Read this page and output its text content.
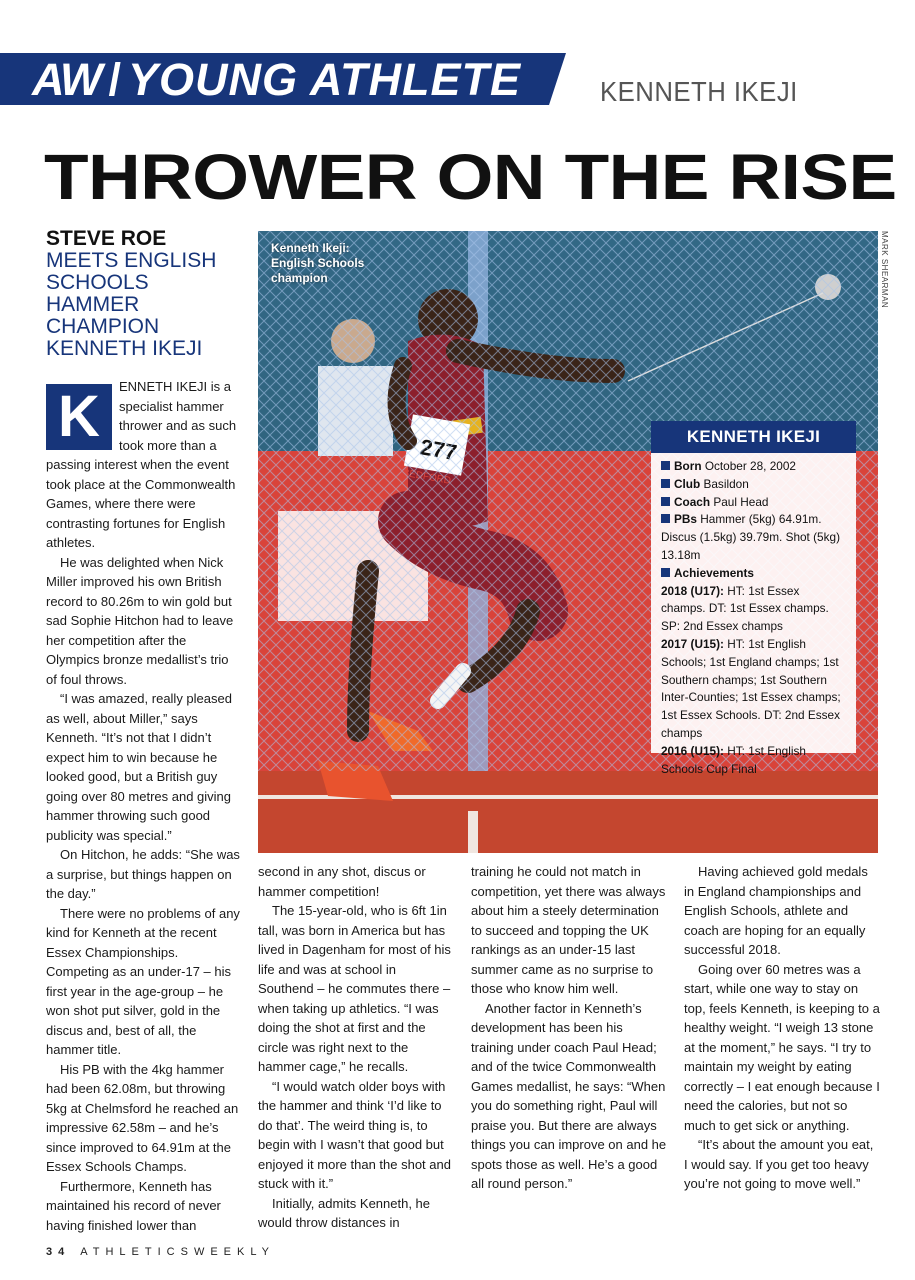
AW / YOUNG ATHLETE	KENNETH IKEJI
THROWER ON THE RISE
STEVE ROE
MEETS ENGLISH SCHOOLS HAMMER CHAMPION KENNETH IKEJI
K	ENNETH IKEJI is a specialist hammer thrower and as such took more than a passing interest when the event took place at the Commonwealth Games, where there were contrasting fortunes for English athletes.

He was delighted when Nick Miller improved his own British record to 80.26m to win gold but sad Sophie Hitchon had to leave her competition after the Olympics bronze medallist’s trio of foul throws.

“I was amazed, really pleased as well, about Miller,” says Kenneth. “It’s not that I didn’t expect him to win because he looked good, but a British guy going over 80 metres and giving hammer throwing such good publicity was special.”

On Hitchon, he adds: “She was a surprise, but things happen on the day.”

There were no problems of any kind for Kenneth at the recent Essex Championships. Competing as an under-17 – his first year in the age-group – he won shot put silver, gold in the discus and, best of all, the hammer title.

His PB with the 4kg hammer had been 62.08m, but throwing 5kg at Chelmsford he reached an impressive 62.58m – and he’s since improved to 64.91m at the Essex Schools Champs.

Furthermore, Kenneth has maintained his record of never having finished lower than

Kenneth Ikeji: English Schools champion	MARK SHEARMAN
KENNETH IKEJI
Born October 28, 2002
Club Basildon
Coach Paul Head
PBs Hammer (5kg) 64.91m. Discus (1.5kg) 39.79m. Shot (5kg) 13.18m
Achievements
2018 (U17): HT: 1st Essex champs. DT: 1st Essex champs. SP: 2nd Essex champs
2017 (U15): HT: 1st English Schools; 1st England champs; 1st Southern champs; 1st Southern Inter-Counties; 1st Essex champs; 1st Essex Schools. DT: 2nd Essex champs
2016 (U15): HT: 1st English Schools Cup Final

second in any shot, discus or hammer competition!

The 15-year-old, who is 6ft 1in tall, was born in America but has lived in Dagenham for most of his life and was at school in Southend – he commutes there – when taking up athletics. “I was doing the shot at first and the circle was right next to the hammer cage,” he recalls.

“I would watch older boys with the hammer and think ‘I’d like to do that’. The weird thing is, to begin with I wasn’t that good but enjoyed it more than the shot and stuck with it.”

Initially, admits Kenneth, he would throw distances in

training he could not match in competition, yet there was always about him a steely determination to succeed and topping the UK rankings as an under-15 last summer came as no surprise to those who know him well.

Another factor in Kenneth’s development has been his training under coach Paul Head; and of the twice Commonwealth Games medallist, he says: “When you do something right, Paul will praise you. But there are always things you can improve on and he spots those as well. He’s a good all round person.”

Having achieved gold medals in England championships and English Schools, athlete and coach are hoping for an equally successful 2018.

Going over 60 metres was a start, while one way to stay on top, feels Kenneth, is keeping to a healthy weight. “I weigh 13 stone at the moment,” he says. “I try to maintain my weight by eating correctly – I eat enough because I need the calories, but not so much to get sick or anything.

“It’s about the amount you eat, I would say. If you get too heavy you’re not going to move well.”

34 ATHLETICSWEEKLY
